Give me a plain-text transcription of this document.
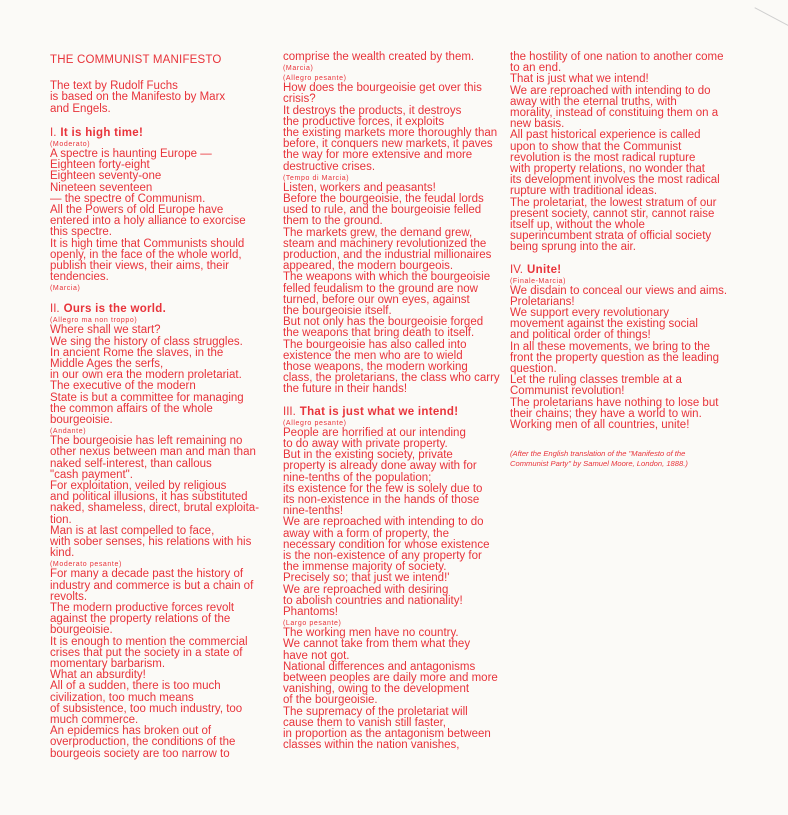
THE COMMUNIST MANIFESTO
The text by Rudolf Fuchs
is based on the Manifesto by Marx
and Engels.
I. It is high time!
(Moderato)
A spectre is haunting Europe —
Eighteen forty-eight
Eighteen seventy-one
Nineteen seventeen
— the spectre of Communism.
All the Powers of old Europe have
entered into a holy alliance to exorcise
this spectre.
It is high time that Communists should
openly, in the face of the whole world,
publish their views, their aims, their
tendencies.
(Marcia)
II. Ours is the world.
(Allegro ma non troppo)
Where shall we start?
We sing the history of class struggles.
In ancient Rome the slaves, in the
Middle Ages the serfs,
in our own era the modern proletariat.
The executive of the modern
State is but a committee for managing
the common affairs of the whole
bourgeoisie.
(Andante)
The bourgeoisie has left remaining no
other nexus between man and man than
naked self-interest, than callous
"cash payment".
For exploitation, veiled by religious
and political illusions, it has substituted
naked, shameless, direct, brutal exploita-
tion.
Man is at last compelled to face,
with sober senses, his relations with his
kind.
(Moderato pesante)
For many a decade past the history of
industry and commerce is but a chain of
revolts.
The modern productive forces revolt
against the property relations of the
bourgeoisie.
It is enough to mention the commercial
crises that put the society in a state of
momentary barbarism.
What an absurdity!
All of a sudden, there is too much
civilization, too much means
of subsistence, too much industry, too
much commerce.
An epidemics has broken out of
overproduction, the conditions of the
bourgeois society are too narrow to
comprise the wealth created by them.
(Marcia)
(Allegro pesante)
How does the bourgeoisie get over this
crisis?
It destroys the products, it destroys
the productive forces, it exploits
the existing markets more thoroughly than
before, it conquers new markets, it paves
the way for more extensive and more
destructive crises.
(Tempo di Marcia)
Listen, workers and peasants!
Before the bourgeoisie, the feudal lords
used to rule, and the bourgeoisie felled
them to the ground.
The markets grew, the demand grew,
steam and machinery revolutionized the
production, and the industrial millionaires
appeared, the modern bourgeois.
The weapons with which the bourgeoisie
felled feudalism to the ground are now
turned, before our own eyes, against
the bourgeoisie itself.
But not only has the bourgeoisie forged
the weapons that bring death to itself.
The bourgeoisie has also called into
existence the men who are to wield
those weapons, the modern working
class, the proletarians, the class who carry
the future in their hands!
III. That is just what we intend!
(Allegro pesante)
People are horrified at our intending
to do away with private property.
But in the existing society, private
property is already done away with for
nine-tenths of the population;
its existence for the few is solely due to
its non-existence in the hands of those
nine-tenths!
We are reproached with intending to do
away with a form of property, the
necessary condition for whose existence
is the non-existence of any property for
the immense majority of society.
Precisely so; that just we intend!'
We are reproached with desiring
to abolish countries and nationality!
Phantoms!
(Largo pesante)
The working men have no country.
We cannot take from them what they
have not got.
National differences and antagonisms
between peoples are daily more and more
vanishing, owing to the development
of the bourgeoisie.
The supremacy of the proletariat will
cause them to vanish still faster,
in proportion as the antagonism between
classes within the nation vanishes,
the hostility of one nation to another come
to an end.
That is just what we intend!
We are reproached with intending to do
away with the eternal truths, with
morality, instead of constituing them on a
new basis.
All past historical experience is called
upon to show that the Communist
revolution is the most radical rupture
with property relations, no wonder that
its development involves the most radical
rupture with traditional ideas.
The proletariat, the lowest stratum of our
present society, cannot stir, cannot raise
itself up, without the whole
superincumbent strata of official society
being sprung into the air.
IV. Unite!
(Finale-Marcia)
We disdain to conceal our views and aims.
Proletarians!
We support every revolutionary
movement against the existing social
and political order of things!
In all these movements, we bring to the
front the property question as the leading
question.
Let the ruling classes tremble at a
Communist revolution!
The proletarians have nothing to lose but
their chains; they have a world to win.
Working men of all countries, unite!
(After the English translation of the "Manifesto of the
Communist Party" by Samuel Moore, London, 1888.)
